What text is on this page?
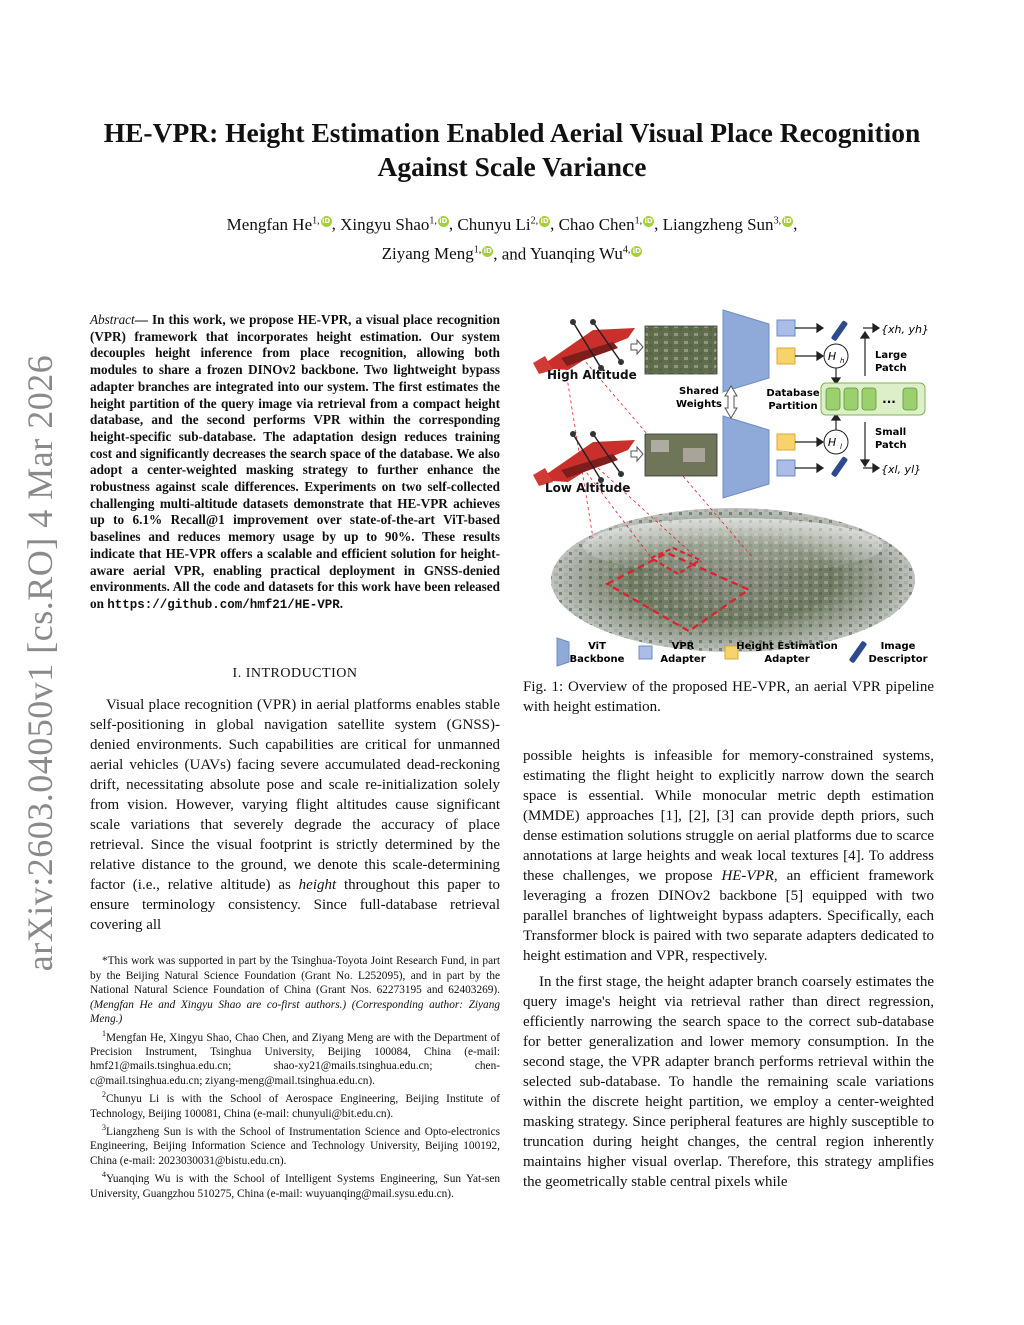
arXiv:2603.04050v1 [cs.RO] 4 Mar 2026
HE-VPR: Height Estimation Enabled Aerial Visual Place Recognition
Against Scale Variance
Mengfan $He^{1,}$ iD, Xingyu Shao$^{1,}$ iD, Chunyu $Li^{2,}$ iD, Chao Chen$^{1,}$ iD, Liangzheng Sun$^{3,}$ iD,
Ziyang Meng$^{1,}$ iD, and Yuanqing $Wu^{4,}$ iD
Abstract— In this work, we propose HE-VPR, a visual place recognition (VPR) framework that incorporates height estimation. Our system decouples height inference from place recognition, allowing both modules to share a frozen DINOv2 backbone. Two lightweight bypass adapter branches are integrated into our system. The first estimates the height partition of the query image via retrieval from a compact height database, and the second performs VPR within the corresponding height-specific sub-database. The adaptation design reduces training cost and significantly decreases the search space of the database. We also adopt a center-weighted masking strategy to further enhance the robustness against scale differences. Experiments on two self-collected challenging multi-altitude datasets demonstrate that HE-VPR achieves up to 6.1% Recall@1 improvement over state-of-the-art ViT-based baselines and reduces memory usage by up to 90%. These results indicate that HE-VPR offers a scalable and efficient solution for height-aware aerial VPR, enabling practical deployment in GNSS-denied environments. All the code and datasets for this work have been released on https://github.com/hmf21/HE-VPR.
I. INTRODUCTION

Visual place recognition (VPR) in aerial platforms enables stable self-positioning in global navigation satellite system (GNSS)-denied environments. Such capabilities are critical for unmanned aerial vehicles (UAVs) facing severe accumulated dead-reckoning drift, necessitating absolute pose and scale re-initialization solely from vision. However, varying flight altitudes cause significant scale variations that severely degrade the accuracy of place retrieval. Since the visual footprint is strictly determined by the relative distance to the ground, we denote this scale-determining factor (i.e., relative altitude) as height throughout this paper to ensure terminology consistency. Since full-database retrieval covering all

*This work was supported in part by the Tsinghua-Toyota Joint Research Fund, in part by the Beijing Natural Science Foundation (Grant No. L252095), and in part by the National Natural Science Foundation of China (Grant Nos. 62273195 and 62403269). (Mengfan He and Xingyu Shao are co-first authors.) (Corresponding author: Ziyang Meng.)

$^1$Mengfan He, Xingyu Shao, Chao Chen, and Ziyang Meng are with the Department of Precision Instrument, Tsinghua University, Beijing 100084, China (e-mail: hmf21@mails.tsinghua.edu.cn; shao-xy21@mails.tsinghua.edu.cn; chen-c@mail.tsinghua.edu.cn; ziyang-meng@mail.tsinghua.edu.cn).

$^2$Chunyu Li is with the School of Aerospace Engineering, Beijing Institute of Technology, Beijing 100081, China (e-mail: chunyuli@bit.edu.cn).

$^3$Liangzheng Sun is with the School of Instrumentation Science and Opto-electronics Engineering, Beijing Information Science and Technology University, Beijing 100192, China (e-mail: 2023030031@bistu.edu.cn).

$^4$Yuanqing Wu is with the School of Intelligent Systems Engineering, Sun Yat-sen University, Guangzhou 510275, China (e-mail: wuyuanqing@mail.sysu.edu.cn).

High Altitude
Low Altitude
Shared
Weights
H h
H l
...
Database
Partition
Large
Patch
Small
Patch
{xh, yh}
{xl, yl}
ViT
Backbone
VPR
Adapter
Height Estimation
Adapter
Image
Descriptor
Fig. 1: Overview of the proposed HE-VPR, an aerial VPR pipeline with height estimation.

possible heights is infeasible for memory-constrained systems, estimating the flight height to explicitly narrow down the search space is essential. While monocular metric depth estimation (MMDE) approaches [1], [2], [3] can provide depth priors, such dense estimation solutions struggle on aerial platforms due to scarce annotations at large heights and weak local textures [4]. To address these challenges, we propose HE-VPR, an efficient framework leveraging a frozen DINOv2 backbone [5] equipped with two parallel branches of lightweight bypass adapters. Specifically, each Transformer block is paired with two separate adapters dedicated to height estimation and VPR, respectively.

In the first stage, the height adapter branch coarsely estimates the query image's height via retrieval rather than direct regression, efficiently narrowing the search space to the correct sub-database for better generalization and lower memory consumption. In the second stage, the VPR adapter branch performs retrieval within the selected sub-database. To handle the remaining scale variations within the discrete height partition, we employ a center-weighted masking strategy. Since peripheral features are highly susceptible to truncation during height changes, the central region inherently maintains higher visual overlap. Therefore, this strategy amplifies the geometrically stable central pixels while
